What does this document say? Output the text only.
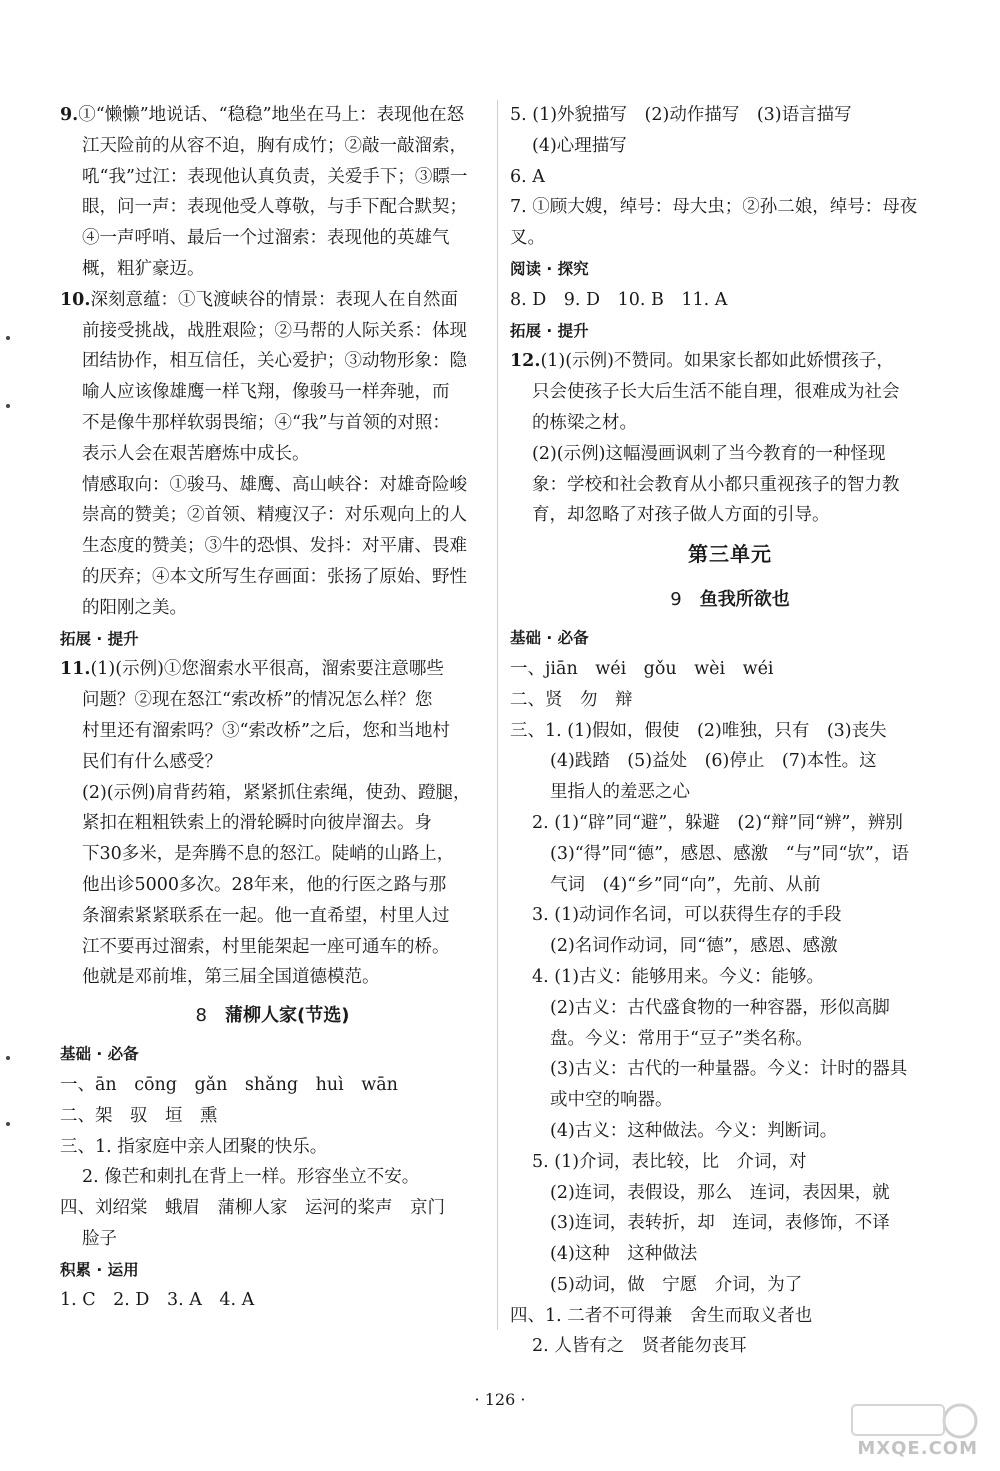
9.①“懒懒”地说话、“稳稳”地坐在马上：表现他在怒

江天险前的从容不迫，胸有成竹；②敲一敲溜索，

吼“我”过江：表现他认真负责，关爱手下；③瞟一

眼，问一声：表现他受人尊敬，与手下配合默契；

④一声呼哨、最后一个过溜索：表现他的英雄气

概，粗犷豪迈。

10.深刻意蕴：①飞渡峡谷的情景：表现人在自然面

前接受挑战，战胜艰险；②马帮的人际关系：体现

团结协作，相互信任，关心爱护；③动物形象：隐

喻人应该像雄鹰一样飞翔，像骏马一样奔驰，而

不是像牛那样软弱畏缩；④“我”与首领的对照：

表示人会在艰苦磨炼中成长。

情感取向：①骏马、雄鹰、高山峡谷：对雄奇险峻

崇高的赞美；②首领、精瘦汉子：对乐观向上的人

生态度的赞美；③牛的恐惧、发抖：对平庸、畏难

的厌弃；④本文所写生存画面：张扬了原始、野性

的阳刚之美。

拓展 · 提升

11.(1)(示例)①您溜索水平很高，溜索要注意哪些

问题？②现在怒江“索改桥”的情况怎么样？您

村里还有溜索吗？③“索改桥”之后，您和当地村

民们有什么感受？

(2)(示例)肩背药箱，紧紧抓住索绳，使劲、蹬腿，

紧扣在粗粗铁索上的滑轮瞬时向彼岸溜去。身

下30多米，是奔腾不息的怒江。陡峭的山路上，

他出诊5000多次。28年来，他的行医之路与那

条溜索紧紧联系在一起。他一直希望，村里人过

江不要再过溜索，村里能架起一座可通车的桥。

他就是邓前堆，第三届全国道德模范。

8 蒲柳人家(节选)

基础 · 必备

一、ān　cōng　gǎn　shǎng　huì　wān

二、架　驭　垣　熏

三、1. 指家庭中亲人团聚的快乐。

2. 像芒和刺扎在背上一样。形容坐立不安。

四、刘绍棠　蛾眉　蒲柳人家　运河的桨声　京门

脸子

积累 · 运用

1. C　2. D　3. A　4. A

5. (1)外貌描写　(2)动作描写　(3)语言描写

(4)心理描写

6. A

7. ①顾大嫂，绰号：母大虫；②孙二娘，绰号：母夜叉。

阅读 · 探究

8. D　9. D　10. B　11. A

拓展 · 提升

12.(1)(示例)不赞同。如果家长都如此娇惯孩子，

只会使孩子长大后生活不能自理，很难成为社会

的栋梁之材。

(2)(示例)这幅漫画讽刺了当今教育的一种怪现

象：学校和社会教育从小都只重视孩子的智力教

育，却忽略了对孩子做人方面的引导。

第三单元

9 鱼我所欲也

基础 · 必备

一、jiān　wéi　gǒu　wèi　wéi

二、贤　勿　辩

三、1. (1)假如，假使　(2)唯独，只有　(3)丧失

(4)践踏　(5)益处　(6)停止　(7)本性。这

里指人的羞恶之心

2. (1)“辟”同“避”，躲避　(2)“辩”同“辨”，辨别

(3)“得”同“德”，感恩、感激　“与”同“欤”，语

气词　(4)“乡”同“向”，先前、从前

3. (1)动词作名词，可以获得生存的手段

(2)名词作动词，同“德”，感恩、感激

4. (1)古义：能够用来。今义：能够。

(2)古义：古代盛食物的一种容器，形似高脚

盘。今义：常用于“豆子”类名称。

(3)古义：古代的一种量器。今义：计时的器具

或中空的响器。

(4)古义：这种做法。今义：判断词。

5. (1)介词，表比较，比　介词，对

(2)连词，表假设，那么　连词，表因果，就

(3)连词，表转折，却　连词，表修饰，不译

(4)这种　这种做法

(5)动词，做　宁愿　介词，为了

四、1. 二者不可得兼　舍生而取义者也

2. 人皆有之　贤者能勿丧耳

· 126 ·
MXQE.COM
